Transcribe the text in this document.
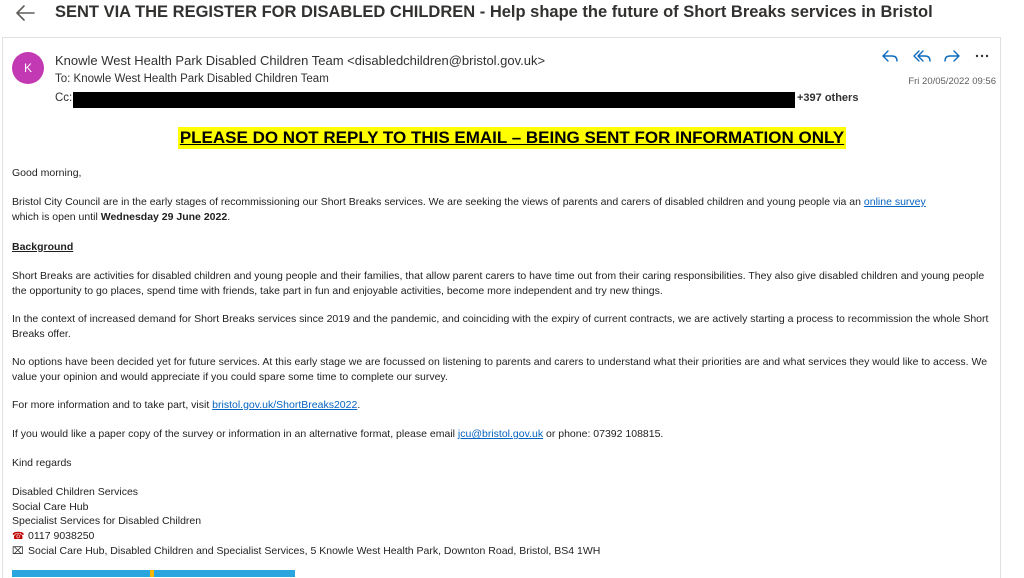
SENT VIA THE REGISTER FOR DISABLED CHILDREN - Help shape the future of Short Breaks services in Bristol
K	Knowle West Health Park Disabled Children Team <disabledchildren@bristol.gov.uk>
To: Knowle West Health Park Disabled Children Team
Cc:	+397 others
Fri 20/05/2022 09:56
PLEASE DO NOT REPLY TO THIS EMAIL – BEING SENT FOR INFORMATION ONLY

Good morning,

Bristol City Council are in the early stages of recommissioning our Short Breaks services. We are seeking the views of parents and carers of disabled children and young people via an online survey
which is open until Wednesday 29 June 2022.

Background

Short Breaks are activities for disabled children and young people and their families, that allow parent carers to have time out from their caring responsibilities. They also give disabled children and young people the opportunity to go places, spend time with friends, take part in fun and enjoyable activities, become more independent and try new things.

In the context of increased demand for Short Breaks services since 2019 and the pandemic, and coinciding with the expiry of current contracts, we are actively starting a process to recommission the whole Short Breaks offer.

No options have been decided yet for future services. At this early stage we are focussed on listening to parents and carers to understand what their priorities are and what services they would like to access. We value your opinion and would appreciate if you could spare some time to complete our survey.

For more information and to take part, visit bristol.gov.uk/ShortBreaks2022.

If you would like a paper copy of the survey or information in an alternative format, please email jcu@bristol.gov.uk or phone: 07392 108815.

Kind regards

Disabled Children Services
Social Care Hub
Specialist Services for Disabled Children
☎ 0117 9038250
⌧ Social Care Hub, Disabled Children and Specialist Services, 5 Knowle West Health Park, Downton Road, Bristol, BS4 1WH
